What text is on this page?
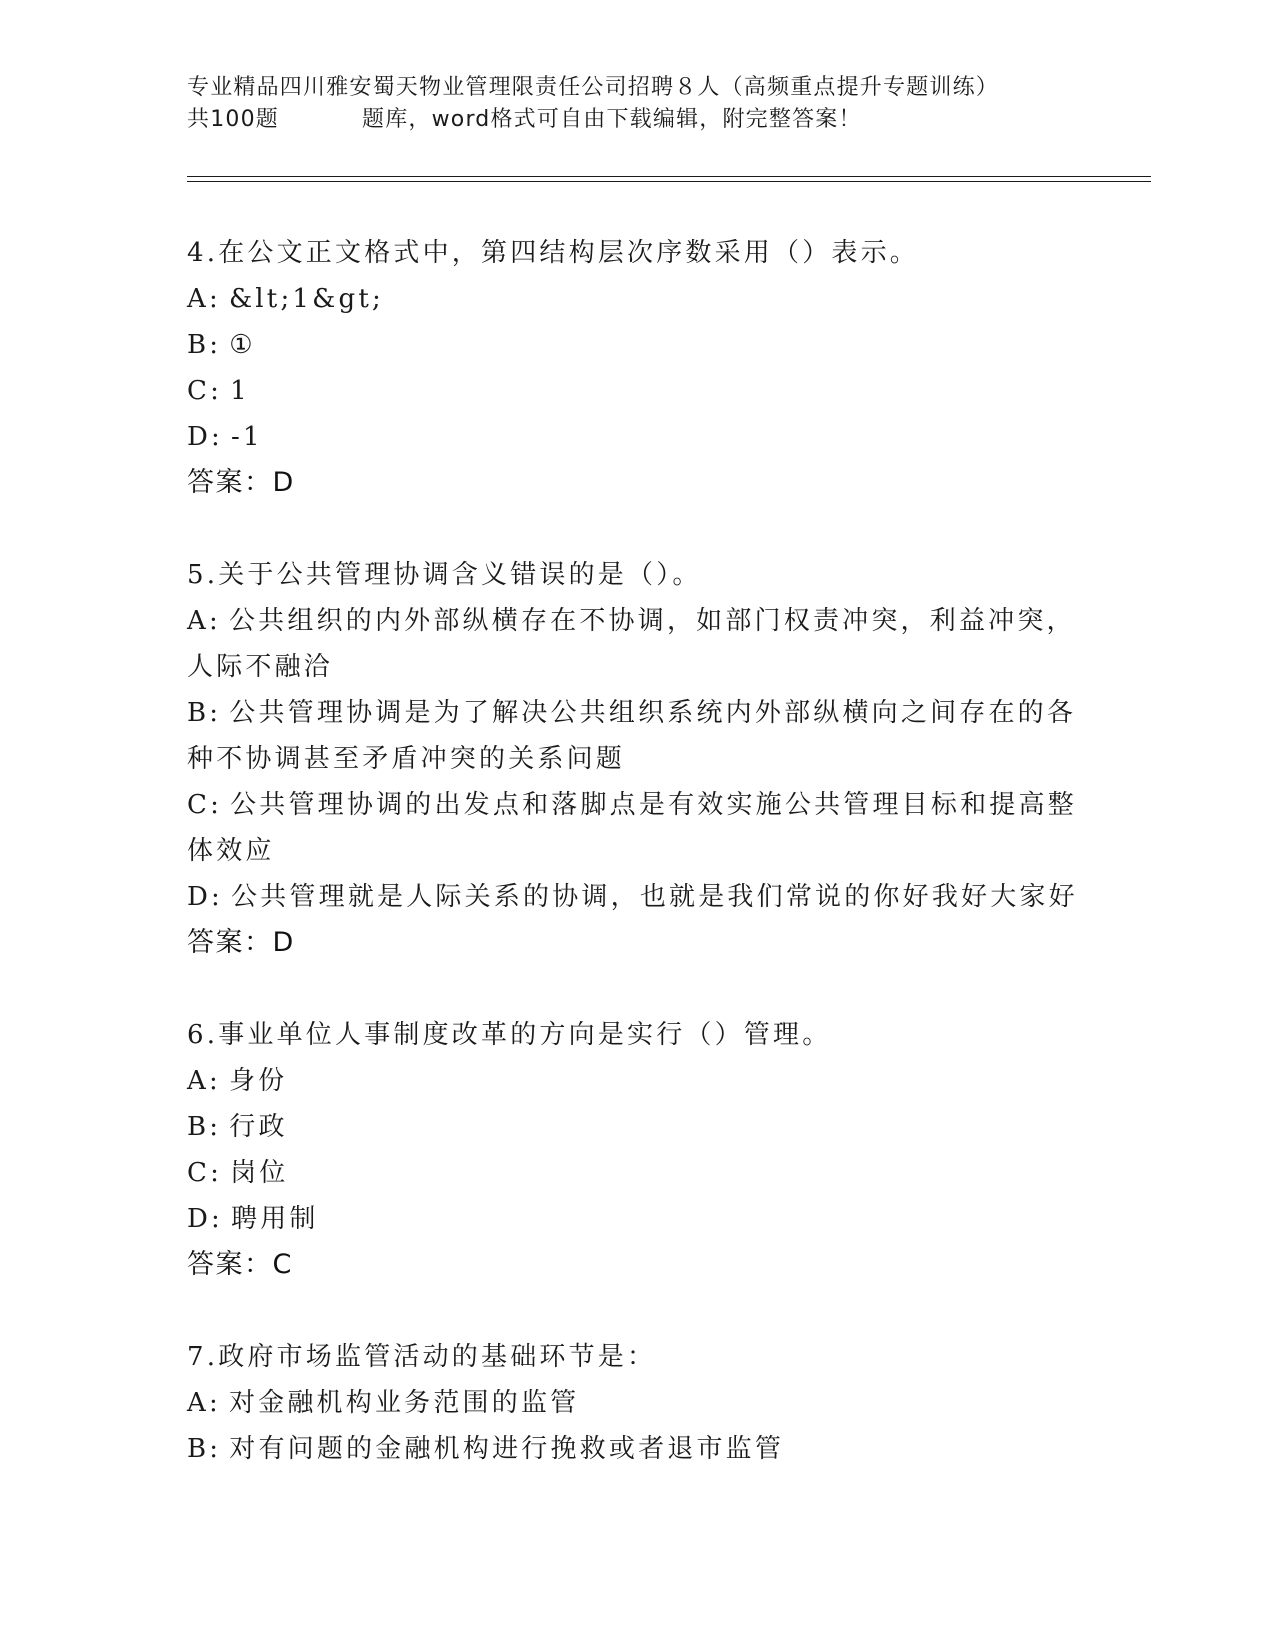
专业精品四川雅安蜀天物业管理限责任公司招聘８人（高频重点提升专题训练）
共100题	题库，word格式可自由下载编辑，附完整答案！
4.在公文正文格式中，第四结构层次序数采用（）表示。
A: &lt;1&gt;
B: ①
C: 1
D: -1
答案：D
5.关于公共管理协调含义错误的是（）。
A: 公共组织的内外部纵横存在不协调，如部门权责冲突，利益冲突，人际不融洽
B: 公共管理协调是为了解决公共组织系统内外部纵横向之间存在的各种不协调甚至矛盾冲突的关系问题
C: 公共管理协调的出发点和落脚点是有效实施公共管理目标和提高整体效应
D: 公共管理就是人际关系的协调，也就是我们常说的你好我好大家好
答案：D
6.事业单位人事制度改革的方向是实行（）管理。
A: 身份
B: 行政
C: 岗位
D: 聘用制
答案：C
7.政府市场监管活动的基础环节是：
A: 对金融机构业务范围的监管
B: 对有问题的金融机构进行挽救或者退市监管
